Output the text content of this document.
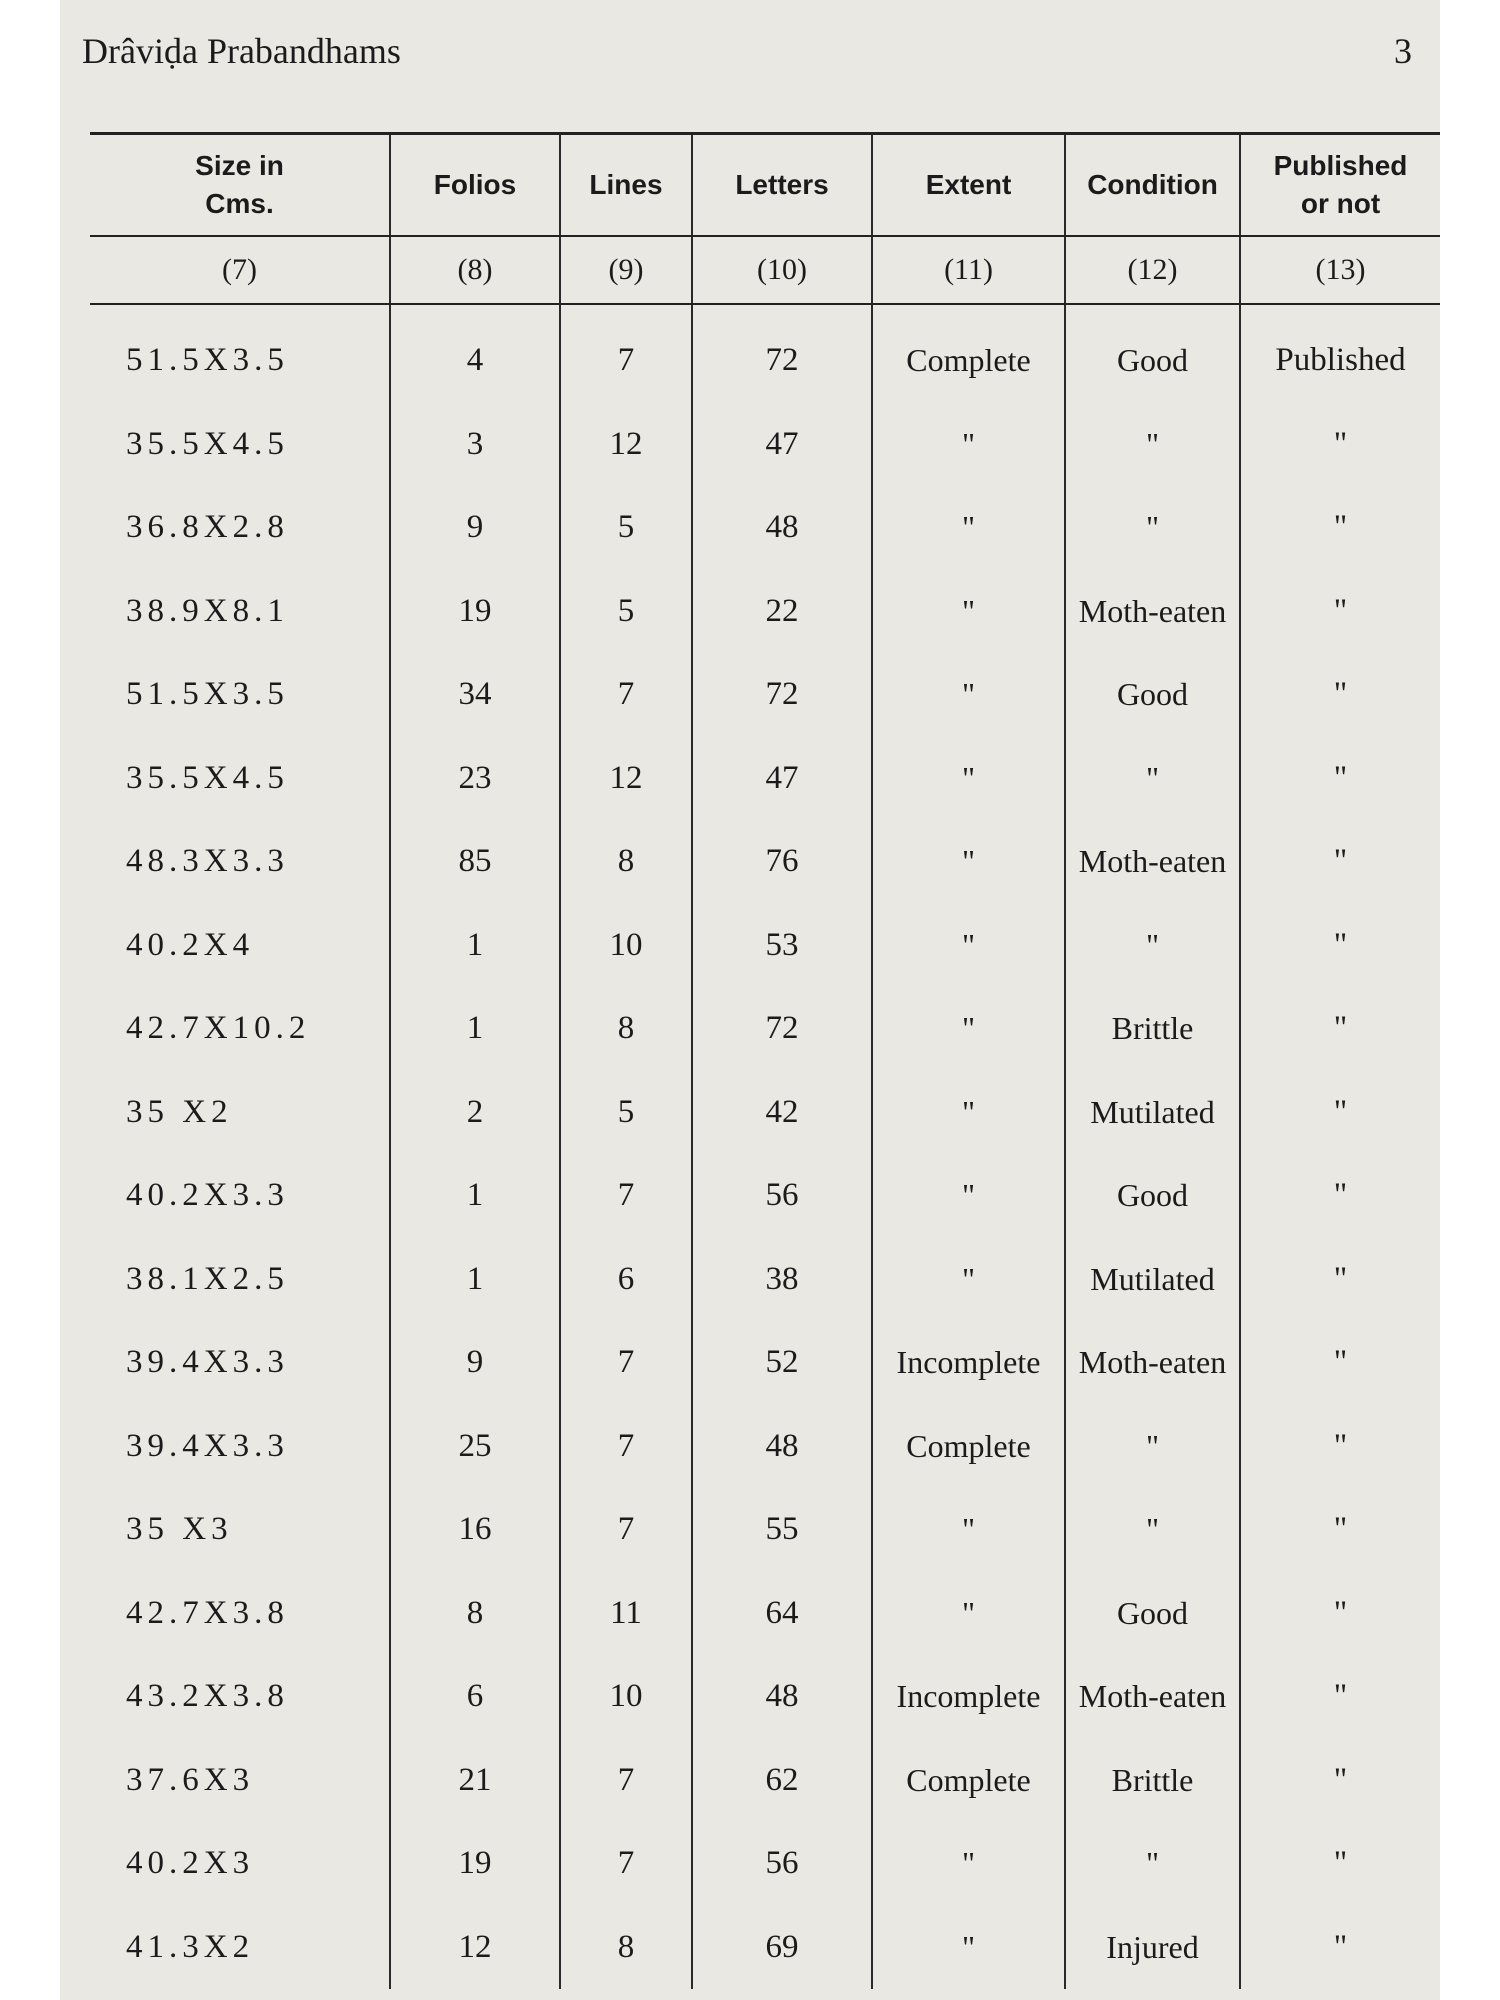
Drâviḍa Prabandhams	3
Size in Cms.	Folios	Lines	Letters	Extent	Condition	Published or not
(7)	(8)	(9)	(10)	(11)	(12)	(13)
51.5X3.5	4	7	72	Complete	Good	Published
35.5X4.5	3	12	47	"	"	"
36.8X2.8	9	5	48	"	"	"
38.9X8.1	19	5	22	"	Moth-eaten	"
51.5X3.5	34	7	72	"	Good	"
35.5X4.5	23	12	47	"	"	"
48.3X3.3	85	8	76	"	Moth-eaten	"
40.2X4	1	10	53	"	"	"
42.7X10.2	1	8	72	"	Brittle	"
35 X2	2	5	42	"	Mutilated	"
40.2X3.3	1	7	56	"	Good	"
38.1X2.5	1	6	38	"	Mutilated	"
39.4X3.3	9	7	52	Incomplete	Moth-eaten	"
39.4X3.3	25	7	48	Complete	"	"
35 X3	16	7	55	"	"	"
42.7X3.8	8	11	64	"	Good	"
43.2X3.8	6	10	48	Incomplete	Moth-eaten	"
37.6X3	21	7	62	Complete	Brittle	"
40.2X3	19	7	56	"	"	"
41.3X2	12	8	69	"	Injured	"
